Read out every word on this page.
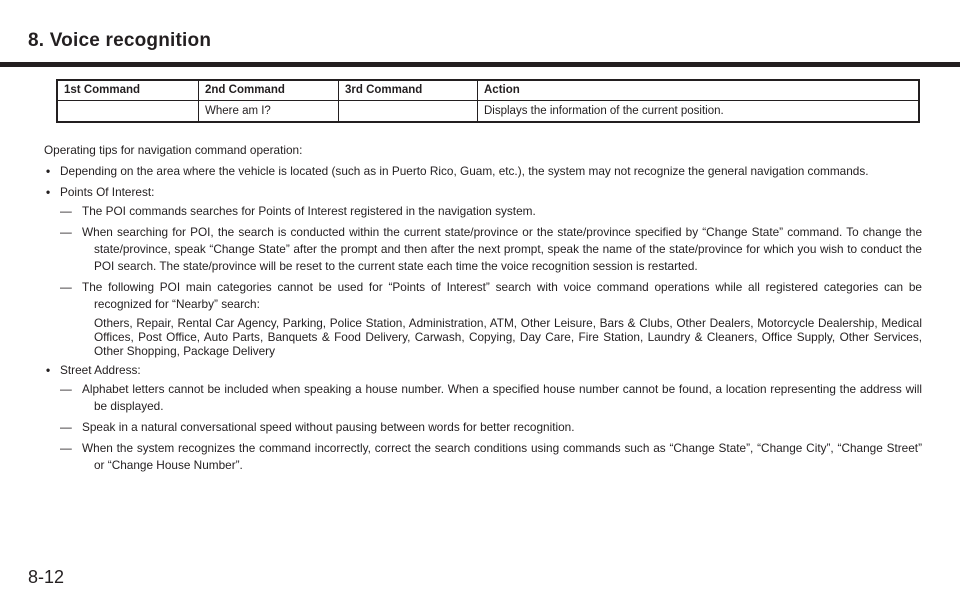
8. Voice recognition
1st Command	2nd Command	3rd Command	Action
	Where am I?		Displays the information of the current position.

Operating tips for navigation command operation:

• Depending on the area where the vehicle is located (such as in Puerto Rico, Guam, etc.), the system may not recognize the general navigation commands.
• Points Of Interest:
— The POI commands searches for Points of Interest registered in the navigation system.
— When searching for POI, the search is conducted within the current state/province or the state/province specified by “Change State” command. To change the state/province, speak “Change State” after the prompt and then after the next prompt, speak the name of the state/province for which you wish to conduct the POI search. The state/province will be reset to the current state each time the voice recognition session is restarted.
— The following POI main categories cannot be used for “Points of Interest” search with voice command operations while all registered categories can be recognized for “Nearby” search:
Others, Repair, Rental Car Agency, Parking, Police Station, Administration, ATM, Other Leisure, Bars & Clubs, Other Dealers, Motorcycle Dealership, Medical Offices, Post Office, Auto Parts, Banquets & Food Delivery, Carwash, Copying, Day Care, Fire Station, Laundry & Cleaners, Office Supply, Other Services, Other Shopping, Package Delivery
• Street Address:
— Alphabet letters cannot be included when speaking a house number. When a specified house number cannot be found, a location representing the address will be displayed.
— Speak in a natural conversational speed without pausing between words for better recognition.
— When the system recognizes the command incorrectly, correct the search conditions using commands such as “Change State”, “Change City”, “Change Street” or “Change House Number”.
8-12
